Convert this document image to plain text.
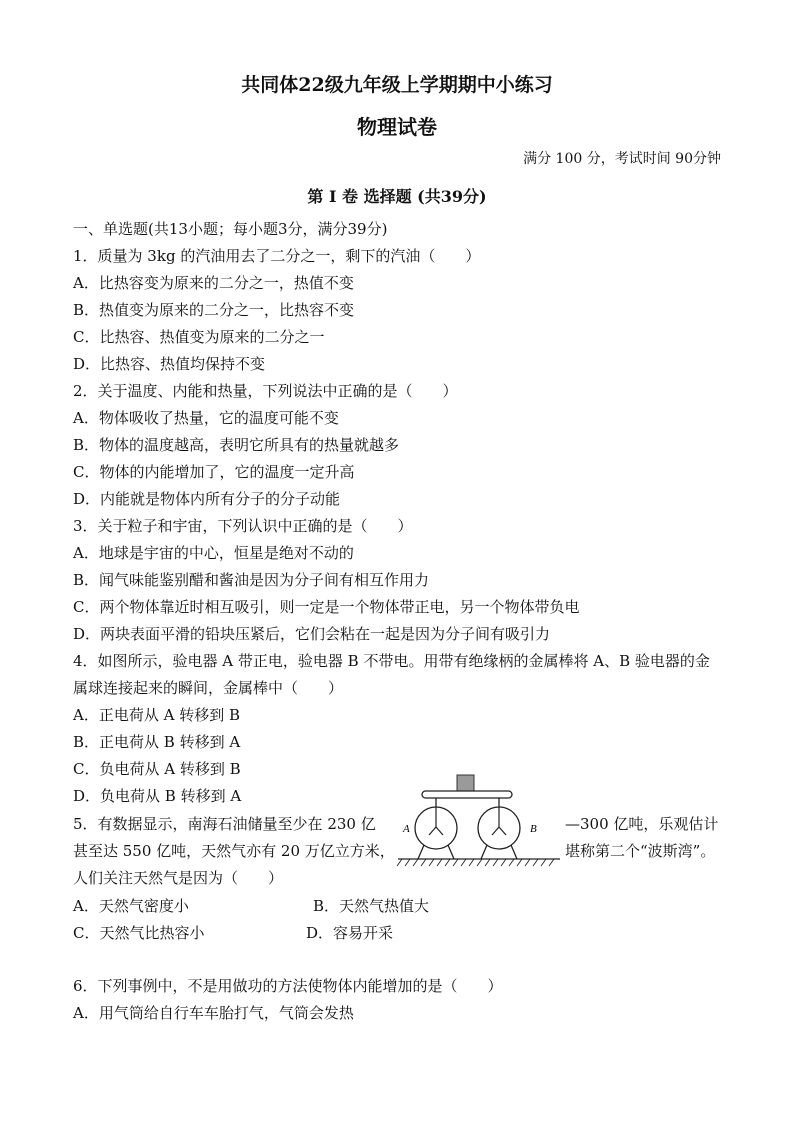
共同体22级九年级上学期期中小练习
物理试卷
满分 100 分，考试时间 90分钟
第 I 卷 选择题 (共39分)
一、单选题(共13小题；每小题3分，满分39分)
1．质量为 3kg 的汽油用去了二分之一，剩下的汽油（　　）
A．比热容变为原来的二分之一，热值不变
B．热值变为原来的二分之一，比热容不变
C．比热容、热值变为原来的二分之一
D．比热容、热值均保持不变
2．关于温度、内能和热量，下列说法中正确的是（　　）
A．物体吸收了热量，它的温度可能不变
B．物体的温度越高，表明它所具有的热量就越多
C．物体的内能增加了，它的温度一定升高
D．内能就是物体内所有分子的分子动能
3．关于粒子和宇宙，下列认识中正确的是（　　）
A．地球是宇宙的中心，恒星是绝对不动的
B．闻气味能鉴别醋和酱油是因为分子间有相互作用力
C．两个物体靠近时相互吸引，则一定是一个物体带正电，另一个物体带负电
D．两块表面平滑的铅块压紧后，它们会粘在一起是因为分子间有吸引力
4．如图所示，验电器 A 带正电，验电器 B 不带电。用带有绝缘柄的金属棒将 A、B 验电器的金
属球连接起来的瞬间，金属棒中（　　）
A．正电荷从 A 转移到 B
B．正电荷从 B 转移到 A
C．负电荷从 A 转移到 B
D．负电荷从 B 转移到 A
5．有数据显示，南海石油储量至少在 230 亿	—300 亿吨，乐观估计
甚至达 550 亿吨，天然气亦有 20 万亿立方米，	堪称第二个“波斯湾”。
人们关注天然气是因为（　　）
A．天然气密度小	B．天然气热值大
C．天然气比热容小	D．容易开采
6．下列事例中，不是用做功的方法使物体内能增加的是（　　）
A．用气筒给自行车车胎打气，气筒会发热
A	B
